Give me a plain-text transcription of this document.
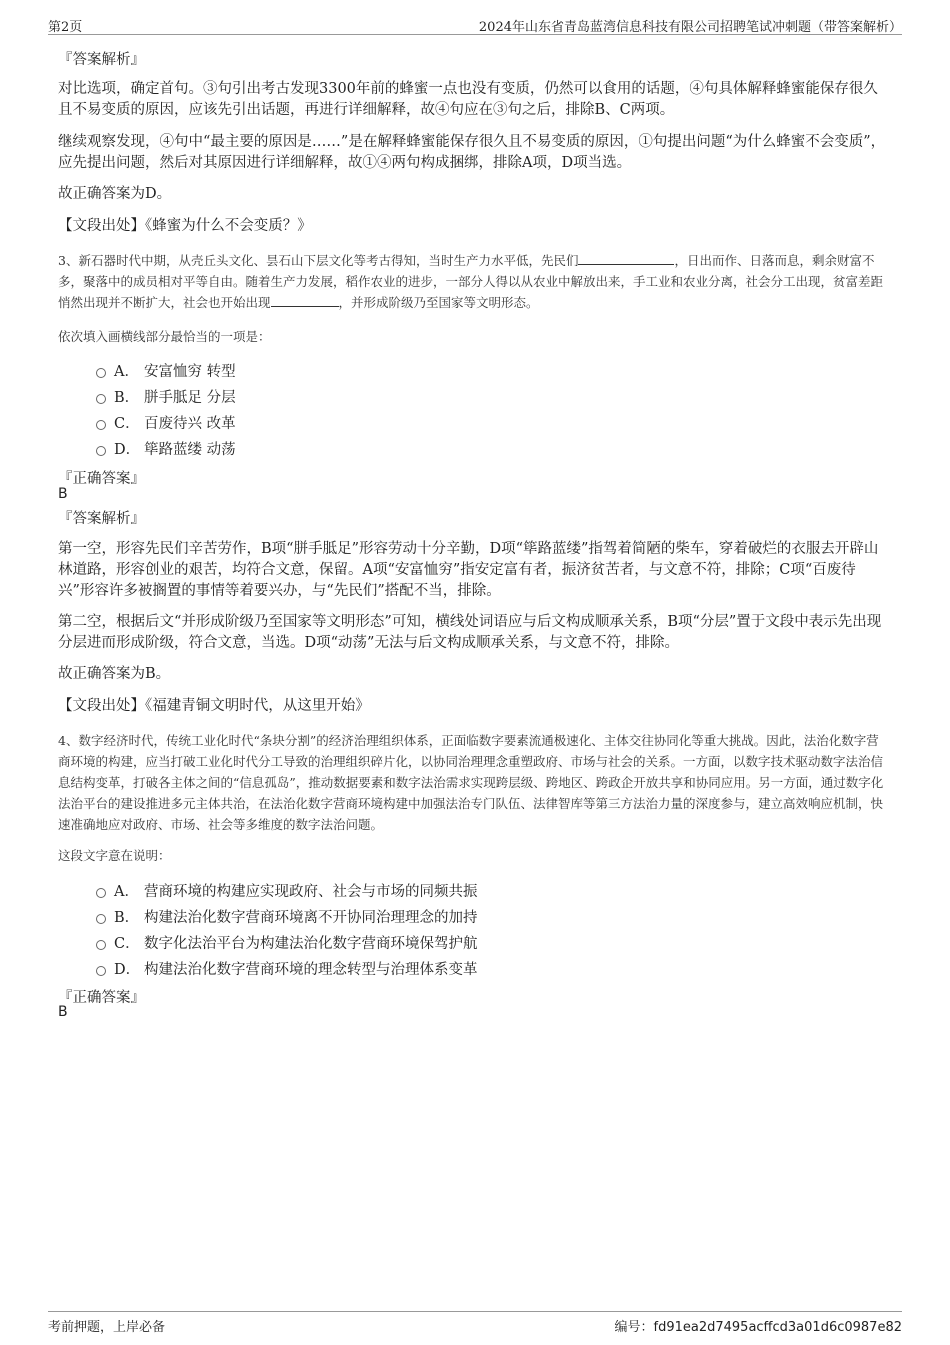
第2页	2024年山东省青岛蓝湾信息科技有限公司招聘笔试冲刺题（带答案解析）
『答案解析』
对比选项，确定首句。③句引出考古发现3300年前的蜂蜜一点也没有变质，仍然可以食用的话题，④句具体解释蜂蜜能保存很久且不易变质的原因，应该先引出话题，再进行详细解释，故④句应在③句之后，排除B、C两项。
继续观察发现，④句中“最主要的原因是……”是在解释蜂蜜能保存很久且不易变质的原因，①句提出问题“为什么蜂蜜不会变质”，应先提出问题，然后对其原因进行详细解释，故①④两句构成捆绑，排除A项，D项当选。
故正确答案为D。
【文段出处】《蜂蜜为什么不会变质？》
3、新石器时代中期，从壳丘头文化、昙石山下层文化等考古得知，当时生产力水平低，先民们	，日出而作、日落而息，剩余财富不多，聚落中的成员相对平等自由。随着生产力发展，稻作农业的进步，一部分人得以从农业中解放出来，手工业和农业分离，社会分工出现，贫富差距悄然出现并不断扩大，社会也开始出现	，并形成阶级乃至国家等文明形态。
依次填入画横线部分最恰当的一项是：
A． 安富恤穷 转型
B． 胼手胝足 分层
C． 百废待兴 改革
D． 筚路蓝缕 动荡
『正确答案』
B
『答案解析』
第一空，形容先民们辛苦劳作，B项“胼手胝足”形容劳动十分辛勤，D项“筚路蓝缕”指驾着简陋的柴车，穿着破烂的衣服去开辟山林道路，形容创业的艰苦，均符合文意，保留。A项“安富恤穷”指安定富有者，振济贫苦者，与文意不符，排除；C项“百废待兴”形容许多被搁置的事情等着要兴办，与“先民们”搭配不当，排除。
第二空，根据后文“并形成阶级乃至国家等文明形态”可知，横线处词语应与后文构成顺承关系，B项“分层”置于文段中表示先出现分层进而形成阶级，符合文意，当选。D项“动荡”无法与后文构成顺承关系，与文意不符，排除。
故正确答案为B。
【文段出处】《福建青铜文明时代，从这里开始》
4、数字经济时代，传统工业化时代“条块分割”的经济治理组织体系，正面临数字要素流通极速化、主体交往协同化等重大挑战。因此，法治化数字营商环境的构建，应当打破工业化时代分工导致的治理组织碎片化，以协同治理理念重塑政府、市场与社会的关系。一方面，以数字技术驱动数字法治信息结构变革，打破各主体之间的“信息孤岛”，推动数据要素和数字法治需求实现跨层级、跨地区、跨政企开放共享和协同应用。另一方面，通过数字化法治平台的建设推进多元主体共治，在法治化数字营商环境构建中加强法治专门队伍、法律智库等第三方法治力量的深度参与，建立高效响应机制，快速准确地应对政府、市场、社会等多维度的数字法治问题。
这段文字意在说明：
A． 营商环境的构建应实现政府、社会与市场的同频共振
B． 构建法治化数字营商环境离不开协同治理理念的加持
C． 数字化法治平台为构建法治化数字营商环境保驾护航
D． 构建法治化数字营商环境的理念转型与治理体系变革
『正确答案』
B
考前押题，上岸必备	编号：fd91ea2d7495acffcd3a01d6c0987e82
